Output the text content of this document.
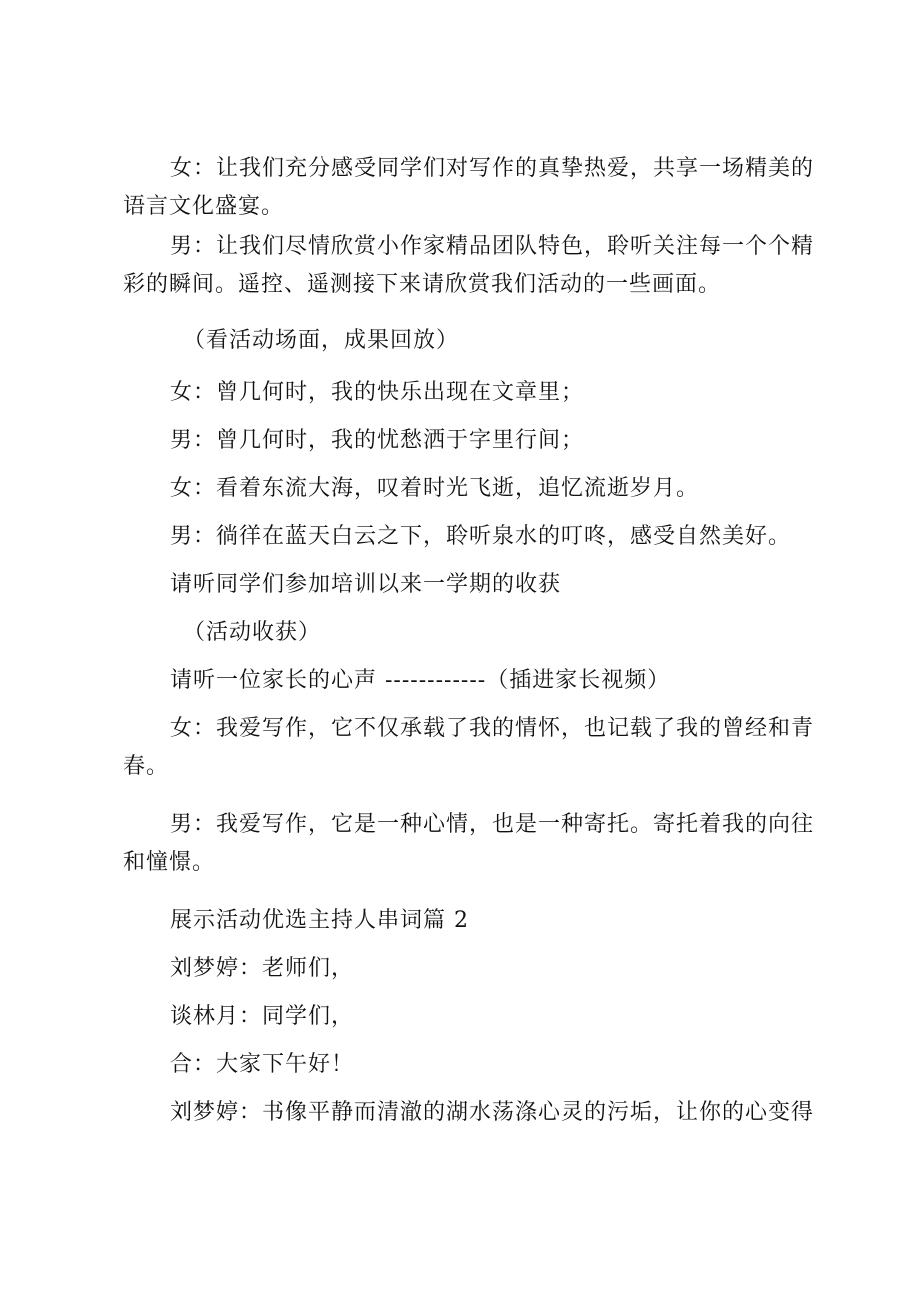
女：让我们充分感受同学们对写作的真挚热爱，共享一场精美的语言文化盛宴。

男：让我们尽情欣赏小作家精品团队特色，聆听关注每一个个精彩的瞬间。遥控、遥测接下来请欣赏我们活动的一些画面。

（看活动场面，成果回放）

女：曾几何时，我的快乐出现在文章里；

男：曾几何时，我的忧愁洒于字里行间；

女：看着东流大海，叹着时光飞逝，追忆流逝岁月。

男：徜徉在蓝天白云之下，聆听泉水的叮咚，感受自然美好。

请听同学们参加培训以来一学期的收获

（活动收获）

请听一位家长的心声 ------------（插进家长视频）

女：我爱写作，它不仅承载了我的情怀，也记载了我的曾经和青春。

男：我爱写作，它是一种心情，也是一种寄托。寄托着我的向往和憧憬。

展示活动优选主持人串词篇 2

刘梦婷：老师们，

谈林月：同学们，

合：大家下午好！

刘梦婷：书像平静而清澈的湖水荡涤心灵的污垢，让你的心变得
